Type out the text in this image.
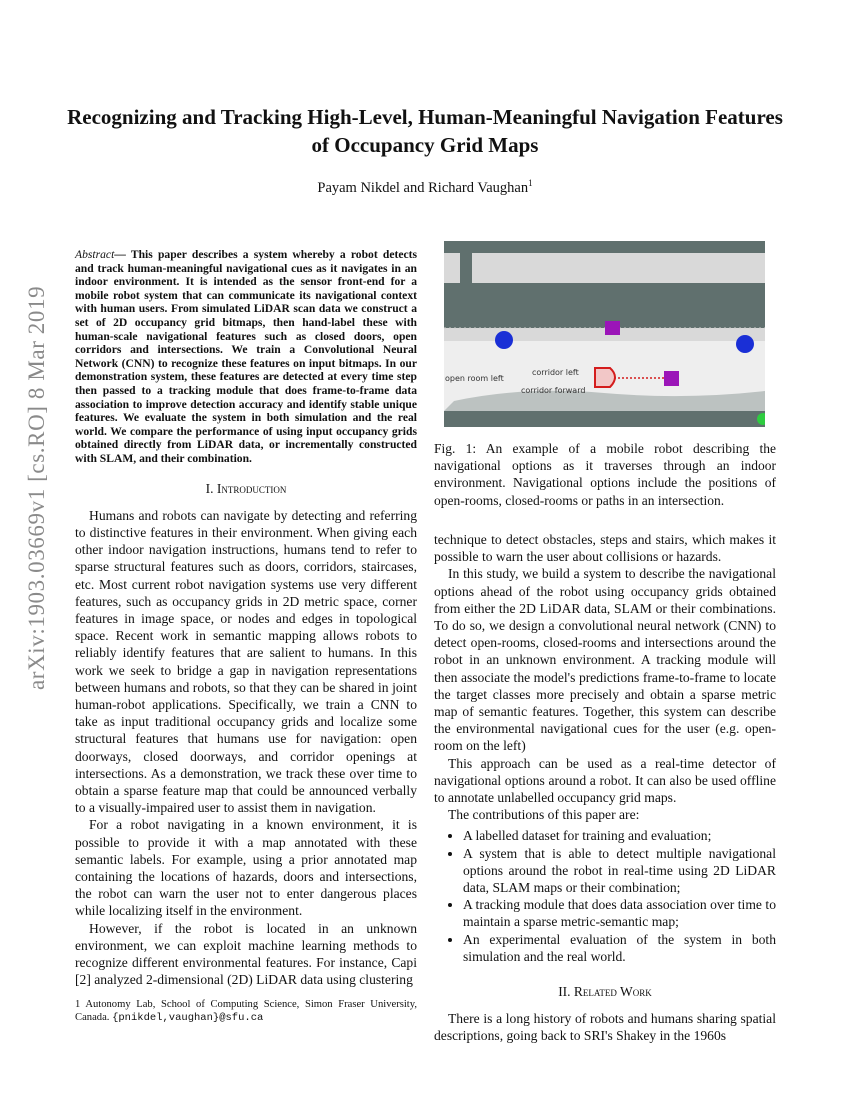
Recognizing and Tracking High-Level, Human-Meaningful Navigation Features of Occupancy Grid Maps
Payam Nikdel and Richard Vaughan$^1$
arXiv:1903.03669v1 [cs.RO] 8 Mar 2019
Abstract— This paper describes a system whereby a robot detects and track human-meaningful navigational cues as it navigates in an indoor environment. It is intended as the sensor front-end for a mobile robot system that can communicate its navigational context with human users. From simulated LiDAR scan data we construct a set of 2D occupancy grid bitmaps, then hand-label these with human-scale navigational features such as closed doors, open corridors and intersections. We train a Convolutional Neural Network (CNN) to recognize these features on input bitmaps. In our demonstration system, these features are detected at every time step then passed to a tracking module that does frame-to-frame data association to improve detection accuracy and identify stable unique features. We evaluate the system in both simulation and the real world. We compare the performance of using input occupancy grids obtained directly from LiDAR data, or incrementally constructed with SLAM, and their combination.
I. Introduction

Humans and robots can navigate by detecting and referring to distinctive features in their environment. When giving each other indoor navigation instructions, humans tend to refer to sparse structural features such as doors, corridors, staircases, etc. Most current robot navigation systems use very different features, such as occupancy grids in 2D metric space, corner features in image space, or nodes and edges in topological space. Recent work in semantic mapping allows robots to reliably identify features that are salient to humans. In this work we seek to bridge a gap in navigation representations between humans and robots, so that they can be shared in joint human-robot applications. Specifically, we train a CNN to take as input traditional occupancy grids and localize some structural features that humans use for navigation: open doorways, closed doorways, and corridor openings at intersections. As a demonstration, we track these over time to obtain a sparse feature map that could be announced verbally to a visually-impaired user to assist them in navigation.

For a robot navigating in a known environment, it is possible to provide it with a map annotated with these semantic labels. For example, using a prior annotated map containing the locations of hazards, doors and intersections, the robot can warn the user not to enter dangerous places while localizing itself in the environment.

However, if the robot is located in an unknown environment, we can exploit machine learning methods to recognize different environmental features. For instance, Capi [2] analyzed 2-dimensional (2D) LiDAR data using clustering

1 Autonomy Lab, School of Computing Science, Simon Fraser University, Canada. {pnikdel,vaughan}@sfu.ca

corridor left
open room left
corridor forward

Fig. 1: An example of a mobile robot describing the navigational options as it traverses through an indoor environment. Navigational options include the positions of open-rooms, closed-rooms or paths in an intersection.

technique to detect obstacles, steps and stairs, which makes it possible to warn the user about collisions or hazards.

In this study, we build a system to describe the navigational options ahead of the robot using occupancy grids obtained from either the 2D LiDAR data, SLAM or their combinations. To do so, we design a convolutional neural network (CNN) to detect open-rooms, closed-rooms and intersections around the robot in an unknown environment. A tracking module will then associate the model's predictions frame-to-frame to locate the target classes more precisely and obtain a sparse metric map of semantic features. Together, this system can describe the environmental navigational cues for the user (e.g. open-room on the left)

This approach can be used as a real-time detector of navigational options around a robot. It can also be used offline to annotate unlabelled occupancy grid maps.

The contributions of this paper are:

• A labelled dataset for training and evaluation;
• A system that is able to detect multiple navigational options around the robot in real-time using 2D LiDAR data, SLAM maps or their combination;
• A tracking module that does data association over time to maintain a sparse metric-semantic map;
• An experimental evaluation of the system in both simulation and the real world.
II. Related Work

There is a long history of robots and humans sharing spatial descriptions, going back to SRI's Shakey in the 1960s
